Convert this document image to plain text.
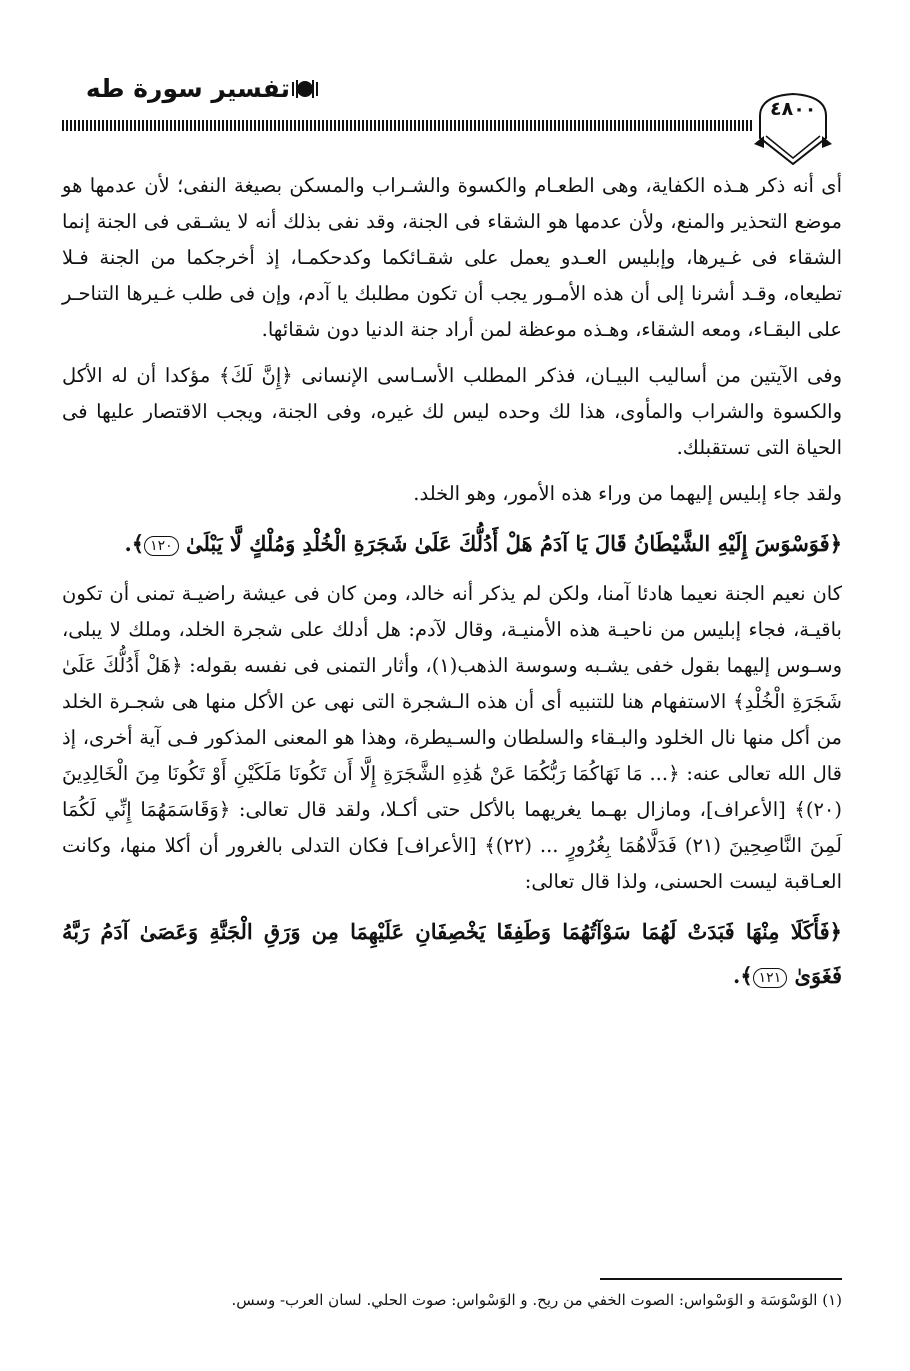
تفسير سورة طه
٤٨٠٠

أى أنه ذكر هـذه الكفاية، وهى الطعـام والكسوة والشـراب والمسكن بصيغة النفى؛ لأن عدمها هو موضع التحذير والمنع، ولأن عدمها هو الشقاء فى الجنة، وقد نفى بذلك أنه لا يشـقى فى الجنة إنما الشقاء فى غـيرها، وإبليس العـدو يعمل على شقـائكما وكدحكمـا، إذ أخرجكما من الجنة فـلا تطيعاه، وقـد أشرنا إلى أن هذه الأمـور يجب أن تكون مطلبك يا آدم، وإن فى طلب غـيرها التناحـر على البقـاء، ومعه الشقاء، وهـذه موعظة لمن أراد جنة الدنيا دون شقائها.

وفى الآيتين من أساليب البيـان، فذكر المطلب الأسـاسى الإنسانى ﴿إِنَّ لَكَ﴾ مؤكدا أن له الأكل والكسوة والشراب والمأوى، هذا لك وحده ليس لك غيره، وفى الجنة، ويجب الاقتصار عليها فى الحياة التى تستقبلك.

ولقد جاء إبليس إليهما من وراء هذه الأمور، وهو الخلد.

﴿فَوَسْوَسَ إِلَيْهِ الشَّيْطَانُ قَالَ يَا آدَمُ هَلْ أَدُلُّكَ عَلَىٰ شَجَرَةِ الْخُلْدِ وَمُلْكٍ لَّا يَبْلَىٰ ١٢٠﴾.

كان نعيم الجنة نعيما هادئا آمنا، ولكن لم يذكر أنه خالد، ومن كان فى عيشة راضيـة تمنى أن تكون باقيـة، فجاء إبليس من ناحيـة هذه الأمنيـة، وقال لآدم: هل أدلك على شجرة الخلد، وملك لا يبلى، وسـوس إليهما بقول خفى يشـبه وسوسة الذهب(١)، وأثار التمنى فى نفسه بقوله: ﴿هَلْ أَدُلُّكَ عَلَىٰ شَجَرَةِ الْخُلْدِ﴾ الاستفهام هنا للتنبيه أى أن هذه الـشجرة التى نهى عن الأكل منها هى شجـرة الخلد من أكل منها نال الخلود والبـقاء والسلطان والسـيطرة، وهذا هو المعنى المذكور فـى آية أخرى، إذ قال الله تعالى عنه: ﴿... مَا نَهَاكُمَا رَبُّكُمَا عَنْ هَٰذِهِ الشَّجَرَةِ إِلَّا أَن تَكُونَا مَلَكَيْنِ أَوْ تَكُونَا مِنَ الْخَالِدِينَ (٢٠)﴾ [الأعراف]، ومازال بهـما يغريهما بالأكل حتى أكـلا، ولقد قال تعالى: ﴿وَقَاسَمَهُمَا إِنِّي لَكُمَا لَمِنَ النَّاصِحِينَ (٢١) فَدَلَّاهُمَا بِغُرُورٍ ... (٢٢)﴾ [الأعراف] فكان التدلى بالغرور أن أكلا منها، وكانت العـاقبة ليست الحسنى، ولذا قال تعالى:

﴿فَأَكَلَا مِنْهَا فَبَدَتْ لَهُمَا سَوْآتُهُمَا وَطَفِقَا يَخْصِفَانِ عَلَيْهِمَا مِن وَرَقِ الْجَنَّةِ وَعَصَىٰ آدَمُ رَبَّهُ فَغَوَىٰ ١٢١﴾.

(١) الوَسْوَسَة و الوَسْواس: الصوت الخفي من ريح. و الوَسْواس: صوت الحلي. لسان العرب- وسس.
